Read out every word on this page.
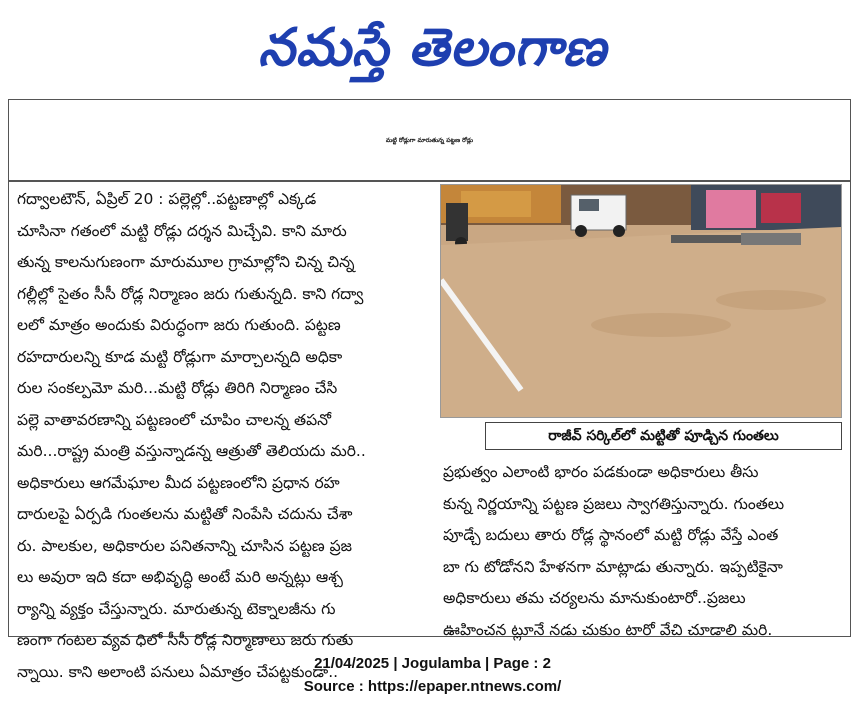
నమస్తే తెలంగాణ
మట్టి రోడ్లుగా మారుతున్న పట్టణ రోడ్లు
గద్వాలటౌన్, ఏప్రిల్ 20 : పల్లెల్లో..పట్టణాల్లో ఎక్కడ
చూసినా గతంలో మట్టి రోడ్లు దర్శన మిచ్చేవి. కాని మారు
తున్న కాలనుగుణంగా మారుమూల గ్రామాల్లోని చిన్న చిన్న
గల్లీల్లో సైతం సీసీ రోడ్ల నిర్మాణం జరు గుతున్నది. కాని గద్వా
లలో మాత్రం అందుకు విరుద్ధంగా జరు గుతుంది. పట్టణ
రహదారులన్ని కూడ మట్టి రోడ్లుగా మార్చాలన్నది అధికా
రుల సంకల్పమో మరి...మట్టి రోడ్లు తిరిగి నిర్మాణం చేసి
పల్లె వాతావరణాన్ని పట్టణంలో చూపిం చాలన్న తపనో
మరి...రాష్ట్ర మంత్రి వస్తున్నాడన్న ఆత్రుతో తెలియదు మరి..
అధికారులు ఆగమేఘాల మీద పట్టణంలోని ప్రధాన రహ
దారులపై ఏర్పడి గుంతలను మట్టితో నింపేసి చదును చేశా
రు. పాలకుల, అధికారుల పనితనాన్ని చూసిన పట్టణ ప్రజ
లు అవురా ఇది కదా అభివృద్ధి అంటే మరి అన్నట్లు ఆశ్చ
ర్యాన్ని వ్యక్తం చేస్తున్నారు. మారుతున్న టెక్నాలజీను గు
ణంగా గంటల వ్యవ ధిలో సీసీ రోడ్ల నిర్మాణాలు జరు గుతు
న్నాయి. కాని అలాంటి పనులు ఏమాత్రం చేపట్టకుండా..
రాజీవ్ సర్కిల్‌లో మట్టితో పూడ్చిన గుంతలు
ప్రభుత్వం ఎలాంటి భారం పడకుండా అధికారులు తీసు
కున్న నిర్ణయాన్ని పట్టణ ప్రజలు స్వాగతిస్తున్నారు. గుంతలు
పూడ్చే బదులు తారు రోడ్ల స్థానంలో మట్టి రోడ్లు వేస్తే ఎంత
బా గు టోడోనని హేళనగా మాట్లాడు తున్నారు. ఇప్పటికైనా
అధికారులు తమ చర్యలను మానుకుంటారో..ప్రజలు
ఊహించన ట్లూనే నడు చుకుం టారో వేచి చూడాలి మరి.
21/04/2025 | Jogulamba | Page : 2
Source : https://epaper.ntnews.com/
